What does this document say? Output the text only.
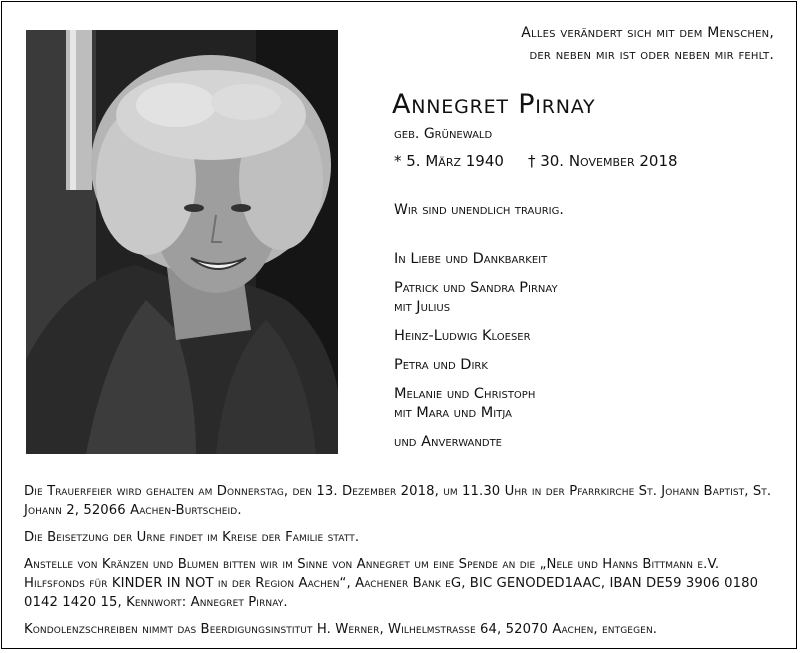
Alles verändert sich mit dem Menschen,
der neben mir ist oder neben mir fehlt.
Annegret Pirnay
geb. Grünewald
* 5. März 1940 † 30. November 2018
Wir sind unendlich traurig.
In Liebe und Dankbarkeit
Patrick und Sandra Pirnay
mit Julius
Heinz-Ludwig Kloeser
Petra und Dirk
Melanie und Christoph
mit Mara und Mitja
und Anverwandte

Die Trauerfeier wird gehalten am Donnerstag, den 13. Dezember 2018, um 11.30 Uhr in der Pfarrkirche St. Johann Baptist, St. Johann 2, 52066 Aachen-Burtscheid.

Die Beisetzung der Urne findet im Kreise der Familie statt.

Anstelle von Kränzen und Blumen bitten wir im Sinne von Annegret um eine Spende an die „Nele und Hanns Bittmann e.V. Hilfsfonds für KINDER IN NOT in der Region Aachen“, Aachener Bank eG, BIC GENODED1AAC, IBAN DE59 3906 0180 0142 1420 15, Kennwort: Annegret Pirnay.

Kondolenzschreiben nimmt das Beerdigungsinstitut H. Werner, Wilhelmstrasse 64, 52070 Aachen, entgegen.
